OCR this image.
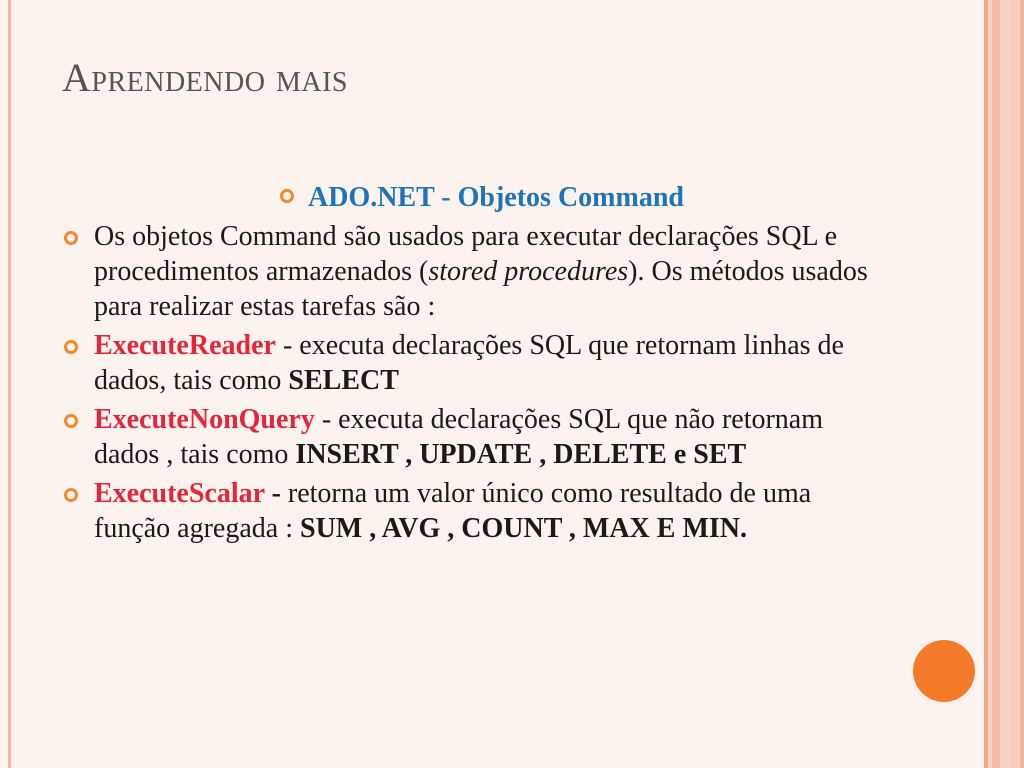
Aprendendo mais
ADO.NET - Objetos Command
Os objetos Command são usados para executar declarações SQL e procedimentos armazenados (stored procedures). Os métodos usados para realizar estas tarefas são :
ExecuteReader - executa declarações SQL que retornam linhas de dados, tais como SELECT
ExecuteNonQuery - executa declarações SQL que não retornam dados , tais como INSERT , UPDATE , DELETE e SET
ExecuteScalar - retorna um valor único como resultado de uma função agregada : SUM , AVG , COUNT , MAX E MIN.
